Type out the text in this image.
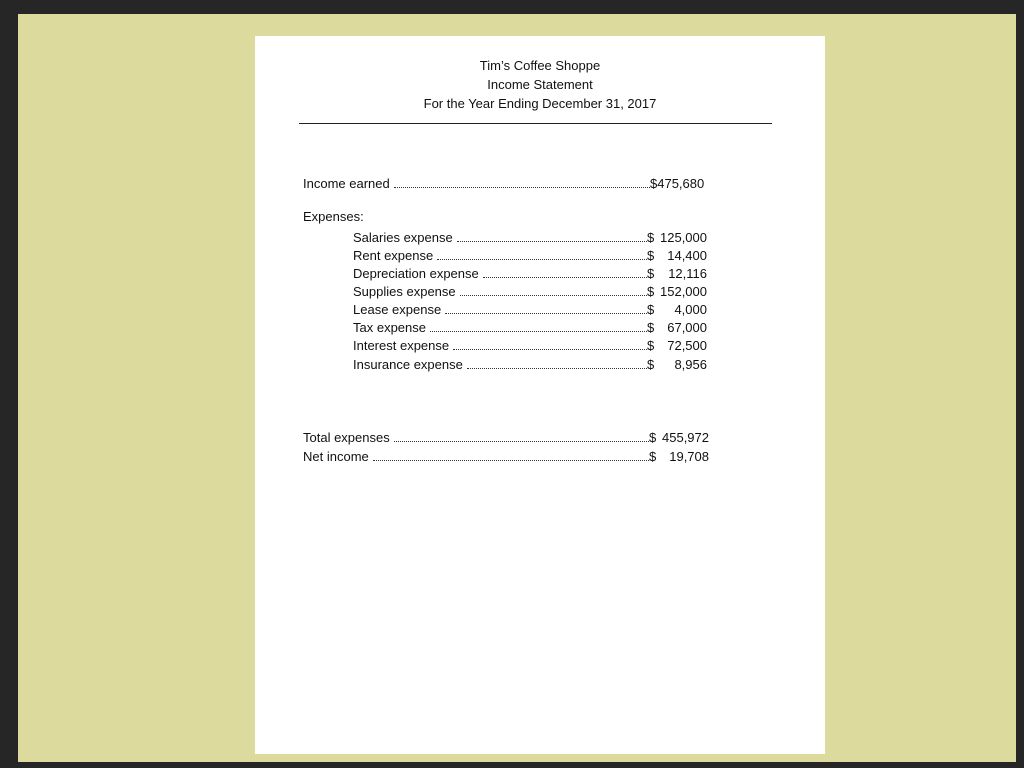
Tim’s Coffee Shoppe
Income Statement
For the Year Ending December 31, 2017
Income earned	$ 475,680
Expenses:
Salaries expense	$ 125,000
Rent expense	$ 14,400
Depreciation expense	$ 12,116
Supplies expense	$ 152,000
Lease expense	$ 4,000
Tax expense	$ 67,000
Interest expense	$ 72,500
Insurance expense	$ 8,956
Total expenses	$ 455,972
Net income	$ 19,708
